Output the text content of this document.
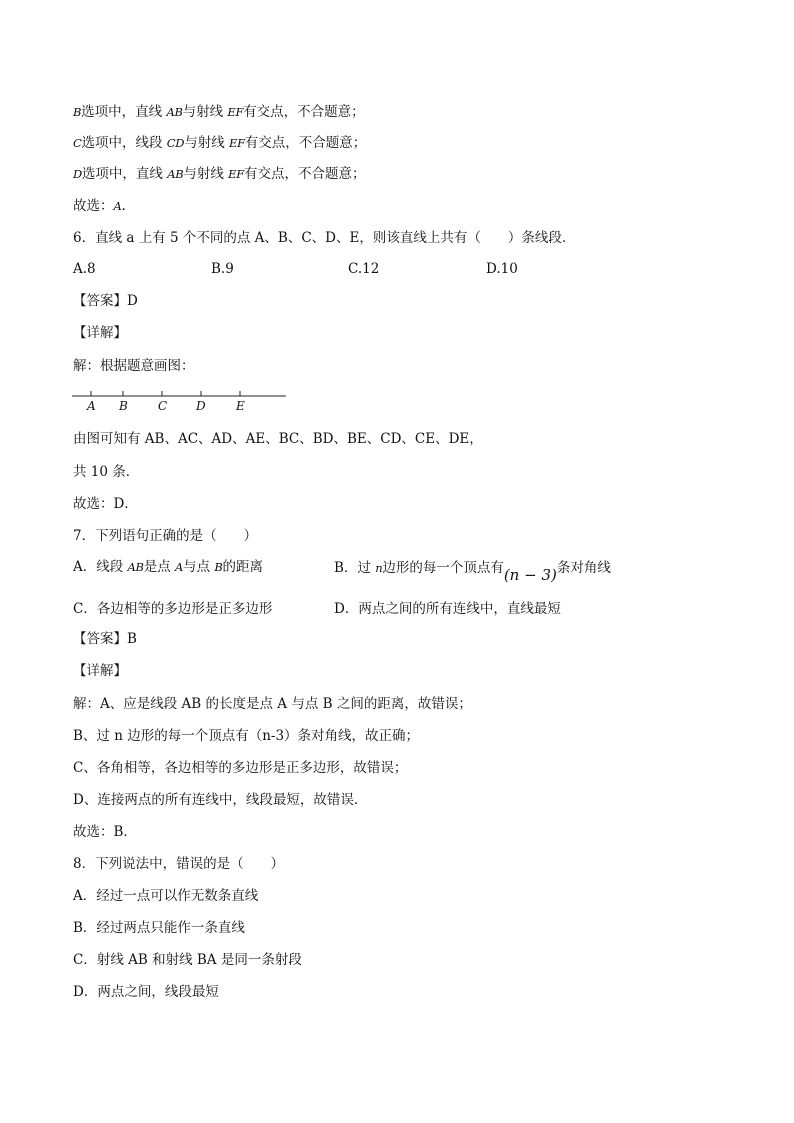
B选项中，直线 AB与射线 EF有交点，不合题意；
C选项中，线段 CD与射线 EF有交点，不合题意；
D选项中，直线 AB与射线 EF有交点，不合题意；
故选：A.
6．直线 a 上有 5 个不同的点 A、B、C、D、E，则该直线上共有（　　）条线段．
A.8	B.9	C.12	D.10
【答案】D
【详解】
解：根据题意画图：
A B	C D	E
由图可知有 AB、AC、AD、AE、BC、BD、BE、CD、CE、DE，
共 10 条．
故选：D．
7．下列语句正确的是（　　）
A．线段 AB是点 A与点 B的距离	B．过 n边形的每一个顶点有(n − 3)条对角线
C．各边相等的多边形是正多边形	D．两点之间的所有连线中，直线最短
【答案】B
【详解】
解：A、应是线段 AB 的长度是点 A 与点 B 之间的距离，故错误；
B、过 n 边形的每一个顶点有（n-3）条对角线，故正确；
C、各角相等，各边相等的多边形是正多边形，故错误；
D、连接两点的所有连线中，线段最短，故错误．
故选：B．
8．下列说法中，错误的是（　　）
A．经过一点可以作无数条直线
B．经过两点只能作一条直线
C．射线 AB 和射线 BA 是同一条射段
D．两点之间，线段最短
